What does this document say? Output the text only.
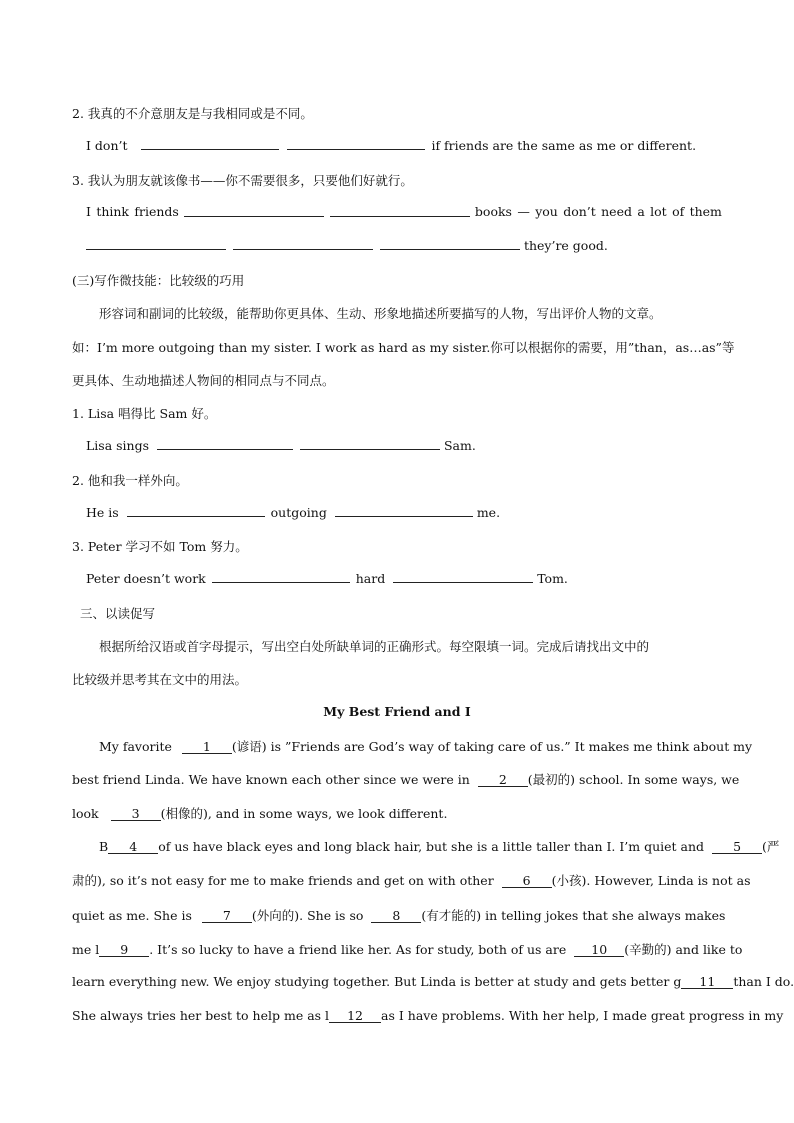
2. 我真的不介意朋友是与我相同或是不同。
I don’t	if friends are the same as me or different.
3. 我认为朋友就该像书——你不需要很多，只要他们好就行。
I think friends	books — you don’t need a lot of them
they’re good.
(三)写作微技能：比较级的巧用
形容词和副词的比较级，能帮助你更具体、生动、形象地描述所要描写的人物，写出评价人物的文章。
如：I’m more outgoing than my sister. I work as hard as my sister.你可以根据你的需要，用”than，as…as”等
更具体、生动地描述人物间的相同点与不同点。
1. Lisa 唱得比 Sam 好。
Lisa sings	Sam.
2. 他和我一样外向。
He is	outgoing	me.
3. Peter 学习不如 Tom 努力。
Peter doesn’t work	hard	Tom.
三、以读促写
根据所给汉语或首字母提示，写出空白处所缺单词的正确形式。每空限填一词。完成后请找出文中的
比较级并思考其在文中的用法。
My Best Friend and I
My favorite 1 (谚语) is ”Friends are God’s way of taking care of us.” It makes me think about my
best friend Linda. We have known each other since we were in 2 (最初的) school. In some ways, we
look	3 (相像的), and in some ways, we look different.
B 4 of us have black eyes and long black hair, but she is a little taller than I. I’m quiet and 5 (严
肃的), so it’s not easy for me to make friends and get on with other 6 (小孩). However, Linda is not as
quiet as me. She is 7 (外向的). She is so 8 (有才能的) in telling jokes that she always makes
me l 9 . It’s so lucky to have a friend like her. As for study, both of us are 10 (辛勤的) and like to
learn everything new. We enjoy studying together. But Linda is better at study and gets better g 11 than I do.
She always tries her best to help me as l 12 as I have problems. With her help, I made great progress in my
